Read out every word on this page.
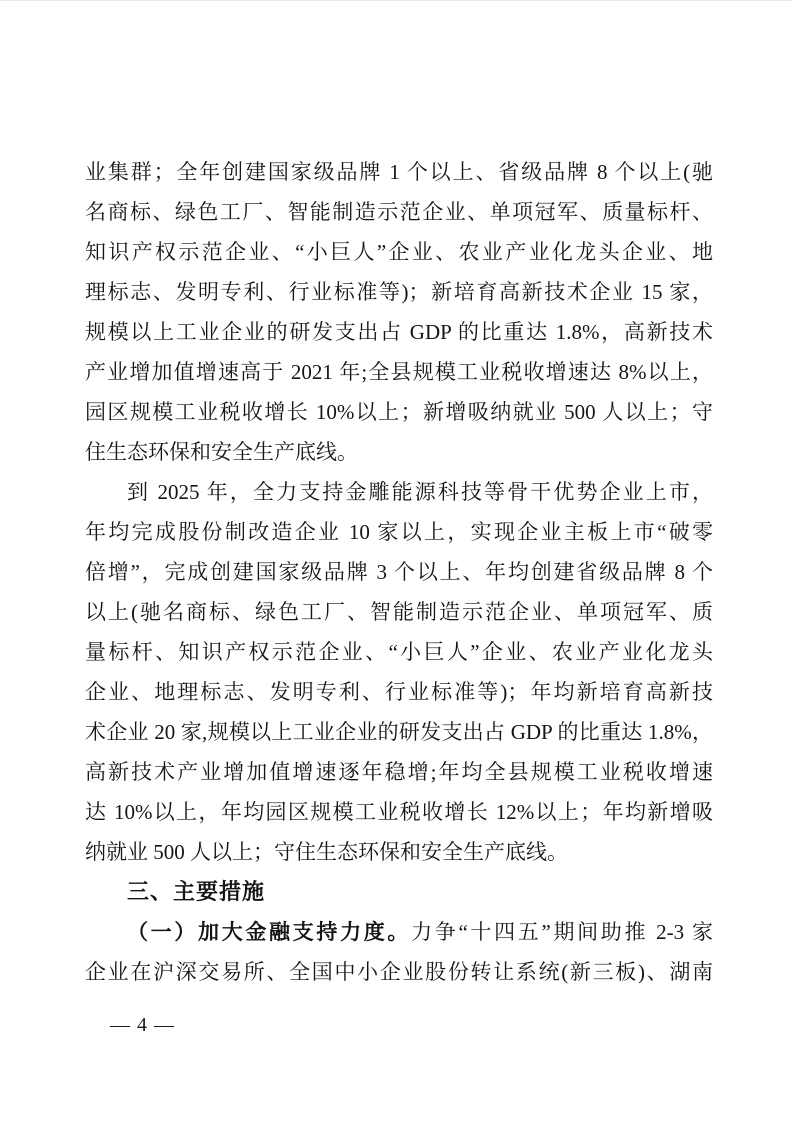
业集群；全年创建国家级品牌 1 个以上、省级品牌 8 个以上(驰
名商标、绿色工厂、智能制造示范企业、单项冠军、质量标杆、
知识产权示范企业、“小巨人”企业、农业产业化龙头企业、地
理标志、发明专利、行业标准等)；新培育高新技术企业 15 家，
规模以上工业企业的研发支出占 GDP 的比重达 1.8%，高新技术
产业增加值增速高于 2021 年;全县规模工业税收增速达 8%以上，
园区规模工业税收增长 10%以上；新增吸纳就业 500 人以上；守
住生态环保和安全生产底线。
到 2025 年，全力支持金雕能源科技等骨干优势企业上市，
年均完成股份制改造企业 10 家以上，实现企业主板上市“破零
倍增”，完成创建国家级品牌 3 个以上、年均创建省级品牌 8 个
以上(驰名商标、绿色工厂、智能制造示范企业、单项冠军、质
量标杆、知识产权示范企业、“小巨人”企业、农业产业化龙头
企业、地理标志、发明专利、行业标准等)；年均新培育高新技
术企业 20 家,规模以上工业企业的研发支出占 GDP 的比重达 1.8%，
高新技术产业增加值增速逐年稳增;年均全县规模工业税收增速
达 10%以上，年均园区规模工业税收增长 12%以上；年均新增吸
纳就业 500 人以上；守住生态环保和安全生产底线。
三、主要措施
（一）加大金融支持力度。力争“十四五”期间助推 2-3 家
企业在沪深交易所、全国中小企业股份转让系统(新三板)、湖南
— 4 —
